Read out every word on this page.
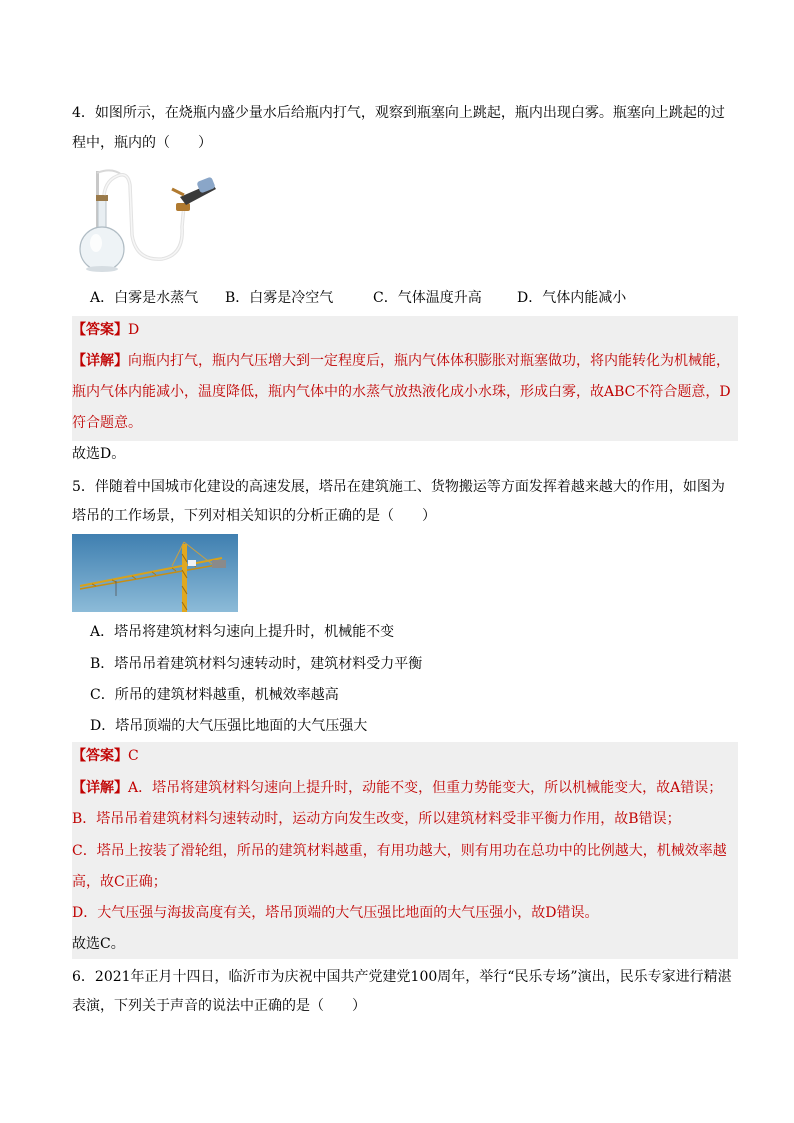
4．如图所示，在烧瓶内盛少量水后给瓶内打气，观察到瓶塞向上跳起，瓶内出现白雾。瓶塞向上跳起的过
程中，瓶内的（　　）
A．白雾是水蒸气 B．白雾是冷空气	C．气体温度升高	D．气体内能减小
【答案】D
【详解】向瓶内打气，瓶内气压增大到一定程度后，瓶内气体体积膨胀对瓶塞做功，将内能转化为机械能，
瓶内气体内能减小，温度降低，瓶内气体中的水蒸气放热液化成小水珠，形成白雾，故ABC不符合题意，D
符合题意。
故选D。
5．伴随着中国城市化建设的高速发展，塔吊在建筑施工、货物搬运等方面发挥着越来越大的作用，如图为
塔吊的工作场景，下列对相关知识的分析正确的是（　　）
A．塔吊将建筑材料匀速向上提升时，机械能不变
B．塔吊吊着建筑材料匀速转动时，建筑材料受力平衡
C．所吊的建筑材料越重，机械效率越高
D．塔吊顶端的大气压强比地面的大气压强大
【答案】C
【详解】A．塔吊将建筑材料匀速向上提升时，动能不变，但重力势能变大，所以机械能变大，故A错误；
B．塔吊吊着建筑材料匀速转动时，运动方向发生改变，所以建筑材料受非平衡力作用，故B错误；
C．塔吊上按装了滑轮组，所吊的建筑材料越重，有用功越大，则有用功在总功中的比例越大，机械效率越
高，故C正确；
D．大气压强与海拔高度有关，塔吊顶端的大气压强比地面的大气压强小，故D错误。
故选C。
6．2021年正月十四日，临沂市为庆祝中国共产党建党100周年，举行“民乐专场”演出，民乐专家进行精湛
表演，下列关于声音的说法中正确的是（　　）
